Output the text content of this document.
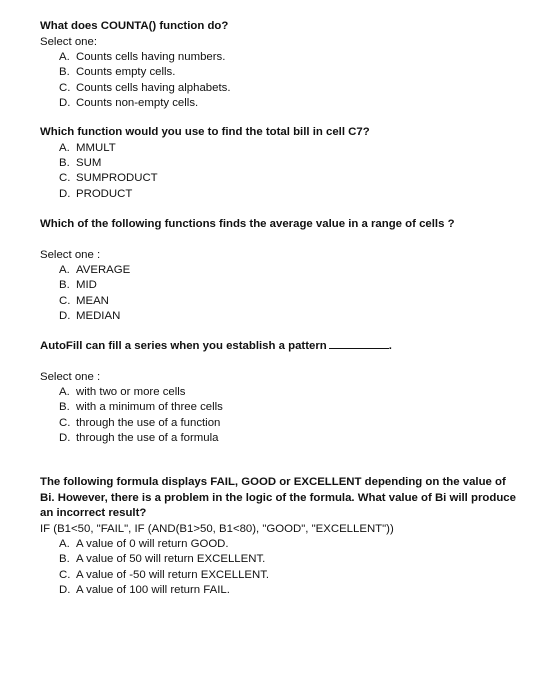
What does COUNTA() function do?

Select one:

A. Counts cells having numbers.
B. Counts empty cells.
C. Counts cells having alphabets.
D. Counts non-empty cells.

Which function would you use to find the total bill in cell C7?

A. MMULT
B. SUM
C. SUMPRODUCT
D. PRODUCT

Which of the following functions finds the average value in a range of cells ?

Select one :

A. AVERAGE
B. MID
C. MEAN
D. MEDIAN

AutoFill can fill a series when you establish a pattern	.

Select one :

A. with two or more cells
B. with a minimum of three cells
C. through the use of a function
D. through the use of a formula

The following formula displays FAIL, GOOD or EXCELLENT depending on the value of Bi. However, there is a problem in the logic of the formula. What value of Bi will produce an incorrect result?

IF (B1<50, "FAIL", IF (AND(B1>50, B1<80), "GOOD", "EXCELLENT"))

A. A value of 0 will return GOOD.
B. A value of 50 will return EXCELLENT.
C. A value of -50 will return EXCELLENT.
D. A value of 100 will return FAIL.
